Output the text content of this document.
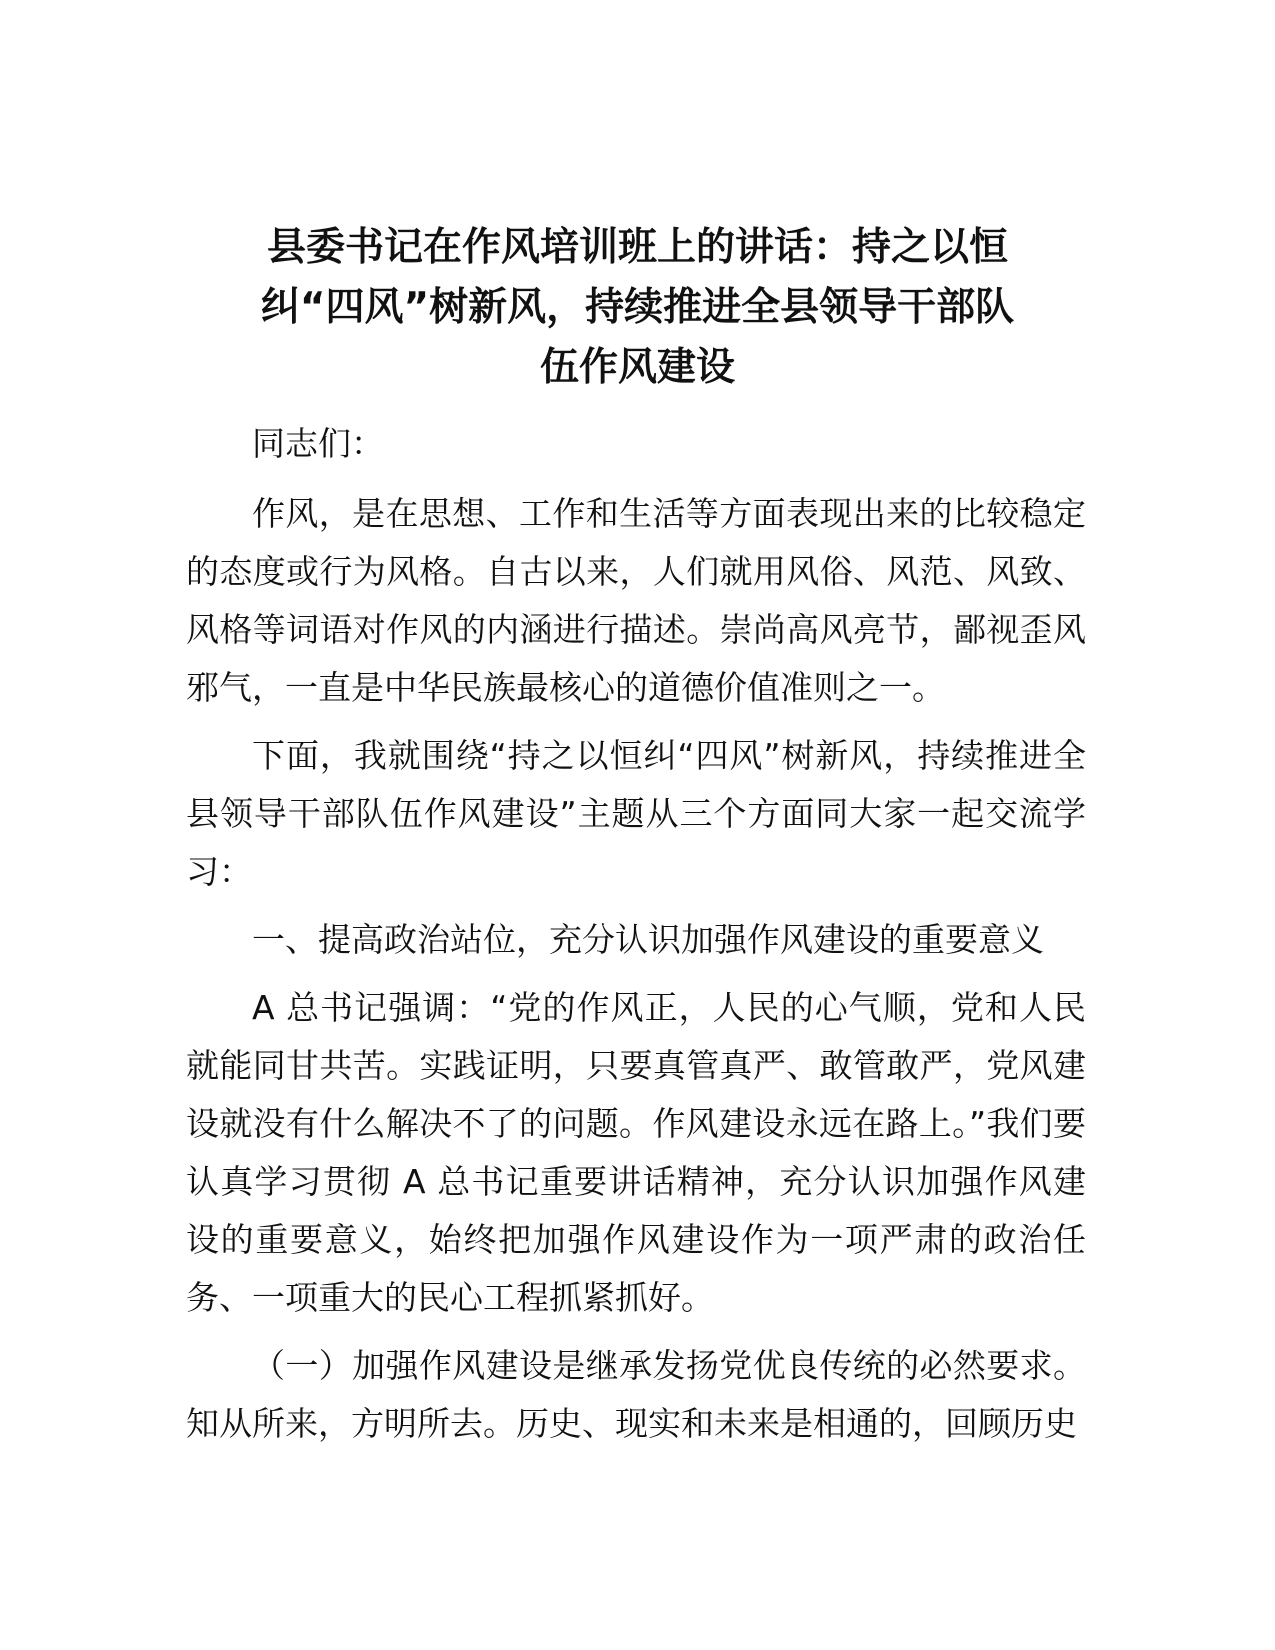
县委书记在作风培训班上的讲话：持之以恒
纠“四风”树新风，持续推进全县领导干部队
伍作风建设

同志们：

作风，是在思想、工作和生活等方面表现出来的比较稳定的态度或行为风格。自古以来，人们就用风俗、风范、风致、风格等词语对作风的内涵进行描述。崇尚高风亮节，鄙视歪风邪气，一直是中华民族最核心的道德价值准则之一。

下面，我就围绕“持之以恒纠“四风”树新风，持续推进全县领导干部队伍作风建设”主题从三个方面同大家一起交流学习：

一、提高政治站位，充分认识加强作风建设的重要意义

A 总书记强调：“党的作风正，人民的心气顺，党和人民就能同甘共苦。实践证明，只要真管真严、敢管敢严，党风建设就没有什么解决不了的问题。作风建设永远在路上。”我们要认真学习贯彻 A 总书记重要讲话精神，充分认识加强作风建设的重要意义，始终把加强作风建设作为一项严肃的政治任务、一项重大的民心工程抓紧抓好。

（一）加强作风建设是继承发扬党优良传统的必然要求。知从所来，方明所去。历史、现实和未来是相通的，回顾历史
